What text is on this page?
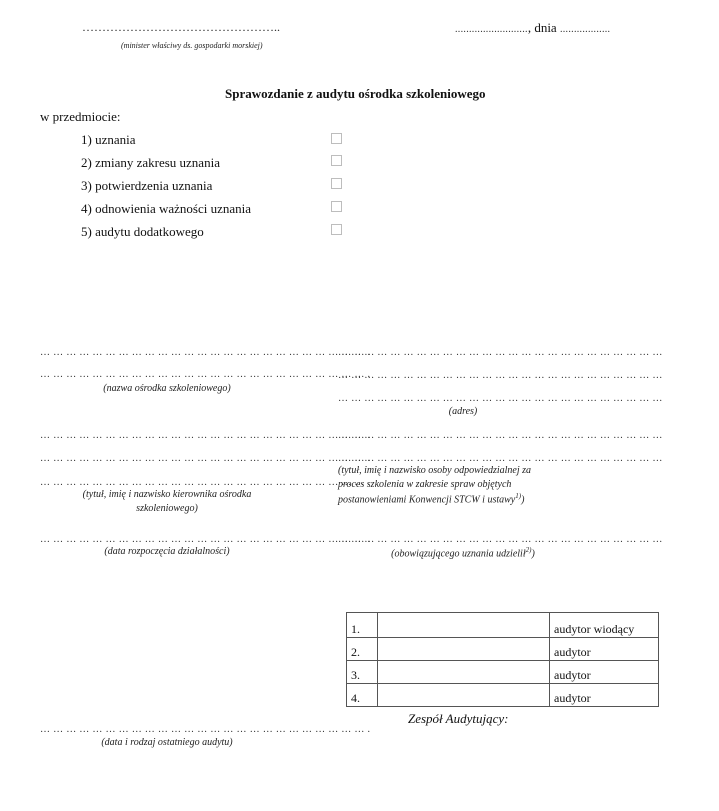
…………………………………………..
(minister właściwy ds. gospodarki morskiej)
.........................., dnia ..................
Sprawozdanie z audytu ośrodka szkoleniowego
w przedmiocie:
1) uznania
2) zmiany zakresu uznania
3) potwierdzenia uznania
4) odnowienia ważności uznania
5) audytu dodatkowego
… … … … … … … … … … … … … … … … … … … … … … … … … .
… … … … … … … … … … … … … … … … … … … … … … … … … .
(nazwa ośrodka szkoleniowego)
… … … … … … … … … … … … … … … … … … … … … … … … … .
… … … … … … … … … … … … … … … … … … … … … … … … … .
… … … … … … … … … … … … … … … … … … … … … … … … … .
(tytuł, imię i nazwisko kierownika ośrodka
szkoleniowego)
… … … … … … … … … … … … … … … … … … … … … … … … … .
(data rozpoczęcia działalności)
… … … … … … … … … … … … … … … … … … … … … … … … … .
(data i rodzaj ostatniego audytu)
… … … … … … … … … … … … … … … … … … … … … … … … …
… … … … … … … … … … … … … … … … … … … … … … … … …
… … … … … … … … … … … … … … … … … … … … … … … … …
(adres)
… … … … … … … … … … … … … … … … … … … … … … … … …
… … … … … … … … … … … … … … … … … … … … … … … … …
(tytuł, imię i nazwisko osoby odpowiedzialnej za
proces szkolenia w zakresie spraw objętych
postanowieniami Konwencji STCW i ustawy$^{1)}$)
… … … … … … … … … … … … … … … … … … … … … … … … …
(obowiązującego uznania udzielił$^{2)}$)
1.		audytor wiodący
2.		audytor
3.		audytor
4.		audytor
Zespół Audytujący:
